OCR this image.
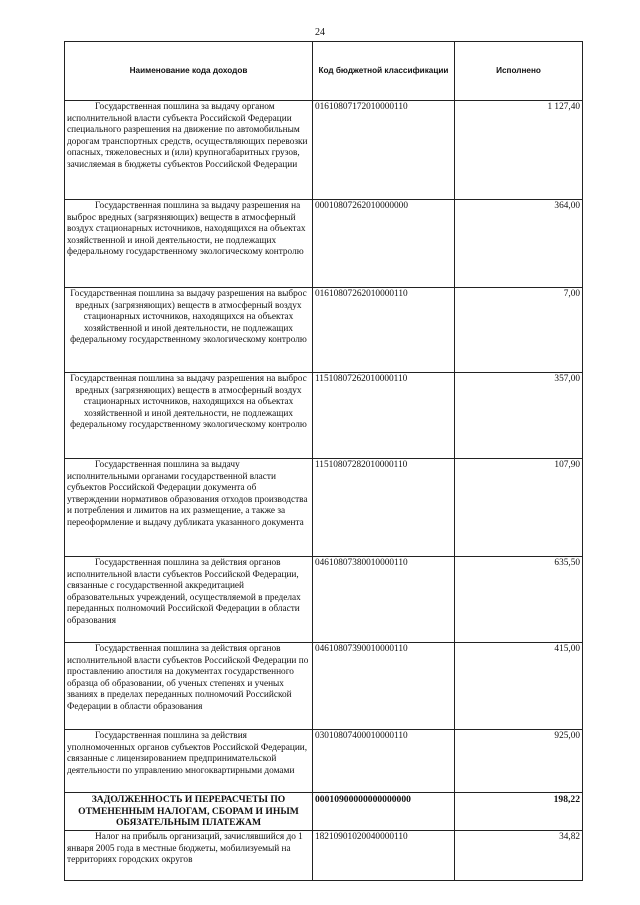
24
Наименование кода доходов	Код бюджетной классификации	Исполнено
Государственная пошлина за выдачу органом исполнительной власти субъекта Российской Федерации специального разрешения на движение по автомобильным дорогам транспортных средств, осуществляющих перевозки опасных, тяжеловесных и (или) крупногабаритных грузов, зачисляемая в бюджеты субъектов Российской Федерации	01610807172010000110	1 127,40
Государственная пошлина за выдачу разрешения на выброс вредных (загрязняющих) веществ в атмосферный воздух стационарных источников, находящихся на объектах хозяйственной и иной деятельности, не подлежащих федеральному государственному экологическому контролю	00010807262010000000	364,00
Государственная пошлина за выдачу разрешения на выброс вредных (загрязняющих) веществ в атмосферный воздух стационарных источников, находящихся на объектах хозяйственной и иной деятельности, не подлежащих федеральному государственному экологическому контролю	01610807262010000110	7,00
Государственная пошлина за выдачу разрешения на выброс вредных (загрязняющих) веществ в атмосферный воздух стационарных источников, находящихся на объектах хозяйственной и иной деятельности, не подлежащих федеральному государственному экологическому контролю	11510807262010000110	357,00
Государственная пошлина за выдачу исполнительными органами государственной власти субъектов Российской Федерации документа об утверждении нормативов образования отходов производства и потребления и лимитов на их размещение, а также за переоформление и выдачу дубликата указанного документа	11510807282010000110	107,90
Государственная пошлина за действия органов исполнительной власти субъектов Российской Федерации, связанные с государственной аккредитацией образовательных учреждений, осуществляемой в пределах переданных полномочий Российской Федерации в области образования	04610807380010000110	635,50
Государственная пошлина за действия органов исполнительной власти субъектов Российской Федерации по проставлению апостиля на документах государственного образца об образовании, об ученых степенях и ученых званиях в пределах переданных полномочий Российской Федерации в области образования	04610807390010000110	415,00
Государственная пошлина за действия уполномоченных органов субъектов Российской Федерации, связанные с лицензированием предпринимательской деятельности по управлению многоквартирными домами	03010807400010000110	925,00
ЗАДОЛЖЕННОСТЬ И ПЕРЕРАСЧЕТЫ ПО ОТМЕНЕННЫМ НАЛОГАМ, СБОРАМ И ИНЫМ ОБЯЗАТЕЛЬНЫМ ПЛАТЕЖАМ	00010900000000000000	198,22
Налог на прибыль организаций, зачислявшийся до 1 января 2005 года в местные бюджеты, мобилизуемый на территориях городских округов	18210901020040000110	34,82
